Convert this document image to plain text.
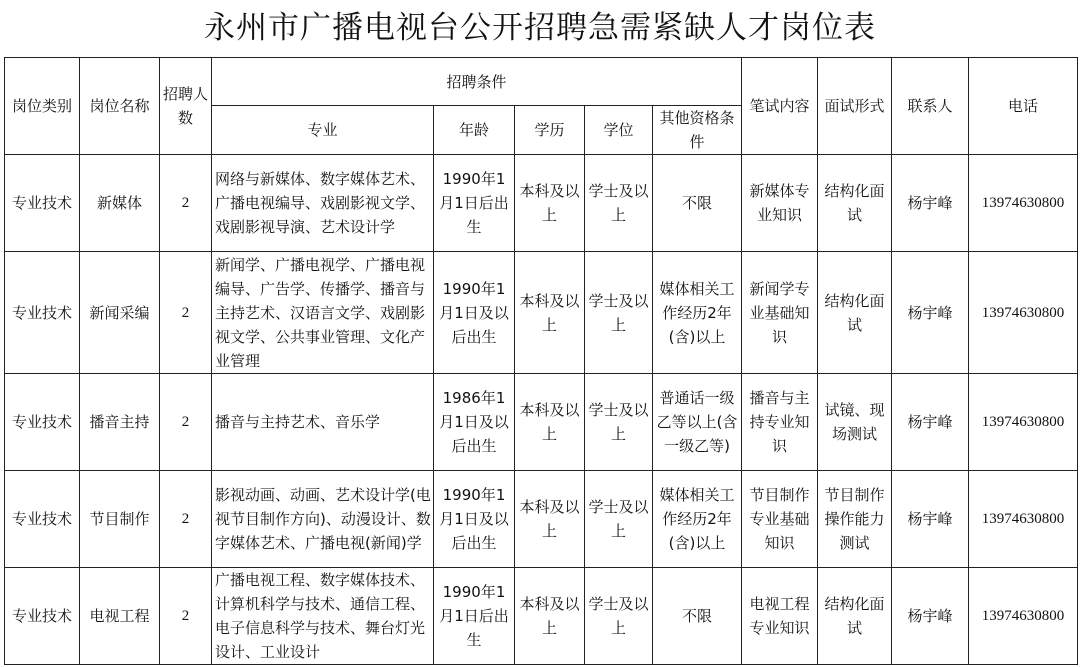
永州市广播电视台公开招聘急需紧缺人才岗位表
岗位类别	岗位名称	招聘人数	招聘条件					笔试内容	面试形式	联系人	电话
			专业	年龄	学历	学位	其他资格条件				
专业技术	新媒体	2	网络与新媒体、数字媒体艺术、广播电视编导、戏剧影视文学、戏剧影视导演、艺术设计学	1990年1月1日后出生	本科及以上	学士及以上	不限	新媒体专业知识	结构化面试	杨宇峰	13974630800
专业技术	新闻采编	2	新闻学、广播电视学、广播电视编导、广告学、传播学、播音与主持艺术、汉语言文学、戏剧影视文学、公共事业管理、文化产业管理	1990年1月1日及以后出生	本科及以上	学士及以上	媒体相关工作经历2年(含)以上	新闻学专业基础知识	结构化面试	杨宇峰	13974630800
专业技术	播音主持	2	播音与主持艺术、音乐学	1986年1月1日及以后出生	本科及以上	学士及以上	普通话一级乙等以上(含一级乙等)	播音与主持专业知识	试镜、现场测试	杨宇峰	13974630800
专业技术	节目制作	2	影视动画、动画、艺术设计学(电视节目制作方向)、动漫设计、数字媒体艺术、广播电视(新闻)学	1990年1月1日及以后出生	本科及以上	学士及以上	媒体相关工作经历2年(含)以上	节目制作专业基础知识	节目制作操作能力测试	杨宇峰	13974630800
专业技术	电视工程	2	广播电视工程、数字媒体技术、计算机科学与技术、通信工程、电子信息科学与技术、舞台灯光设计、工业设计	1990年1月1日后出生	本科及以上	学士及以上	不限	电视工程专业知识	结构化面试	杨宇峰	13974630800
